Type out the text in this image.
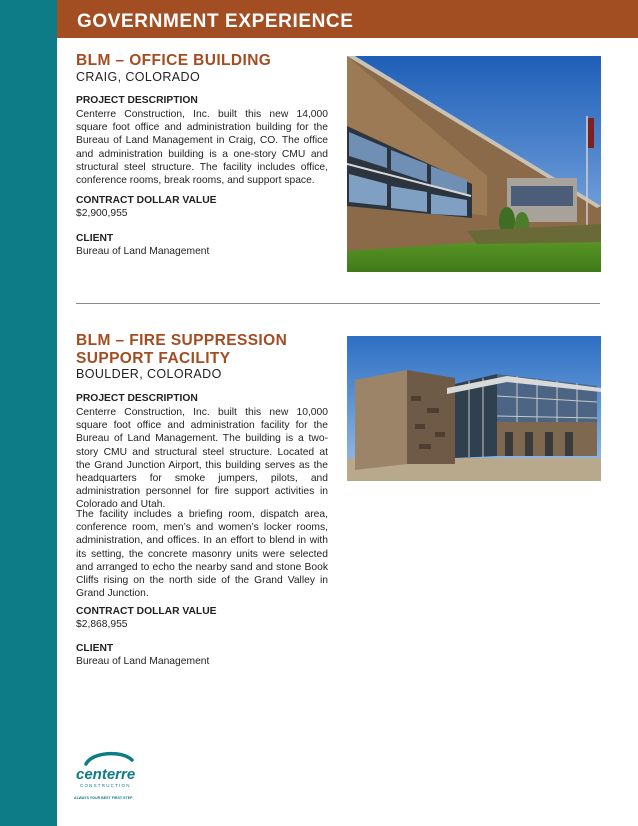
GOVERNMENT EXPERIENCE
BLM – OFFICE BUILDING
CRAIG, COLORADO
PROJECT DESCRIPTION
Centerre Construction, Inc. built this new 14,000 square foot office and administration building for the Bureau of Land Management in Craig, CO. The office and administration building is a one-story CMU and structural steel structure. The facility includes office, conference rooms, break rooms, and support space.
CONTRACT DOLLAR VALUE
$2,900,955
CLIENT
Bureau of Land Management
BLM – FIRE SUPPRESSION
SUPPORT FACILITY
BOULDER, COLORADO
PROJECT DESCRIPTION
Centerre Construction, Inc. built this new 10,000 square foot office and administration facility for the Bureau of Land Management. The building is a two-story CMU and structural steel structure. Located at the Grand Junction Airport, this building serves as the headquarters for smoke jumpers, pilots, and administration personnel for fire support activities in Colorado and Utah.
The facility includes a briefing room, dispatch area, conference room, men’s and women’s locker rooms, administration, and offices. In an effort to blend in with its setting, the concrete masonry units were selected and arranged to echo the nearby sand and stone Book Cliffs rising on the north side of the Grand Valley in Grand Junction.
CONTRACT DOLLAR VALUE
$2,868,955
CLIENT
Bureau of Land Management
centerre
CONSTRUCTION
ALWAYS YOUR BEST FIRST STEP
